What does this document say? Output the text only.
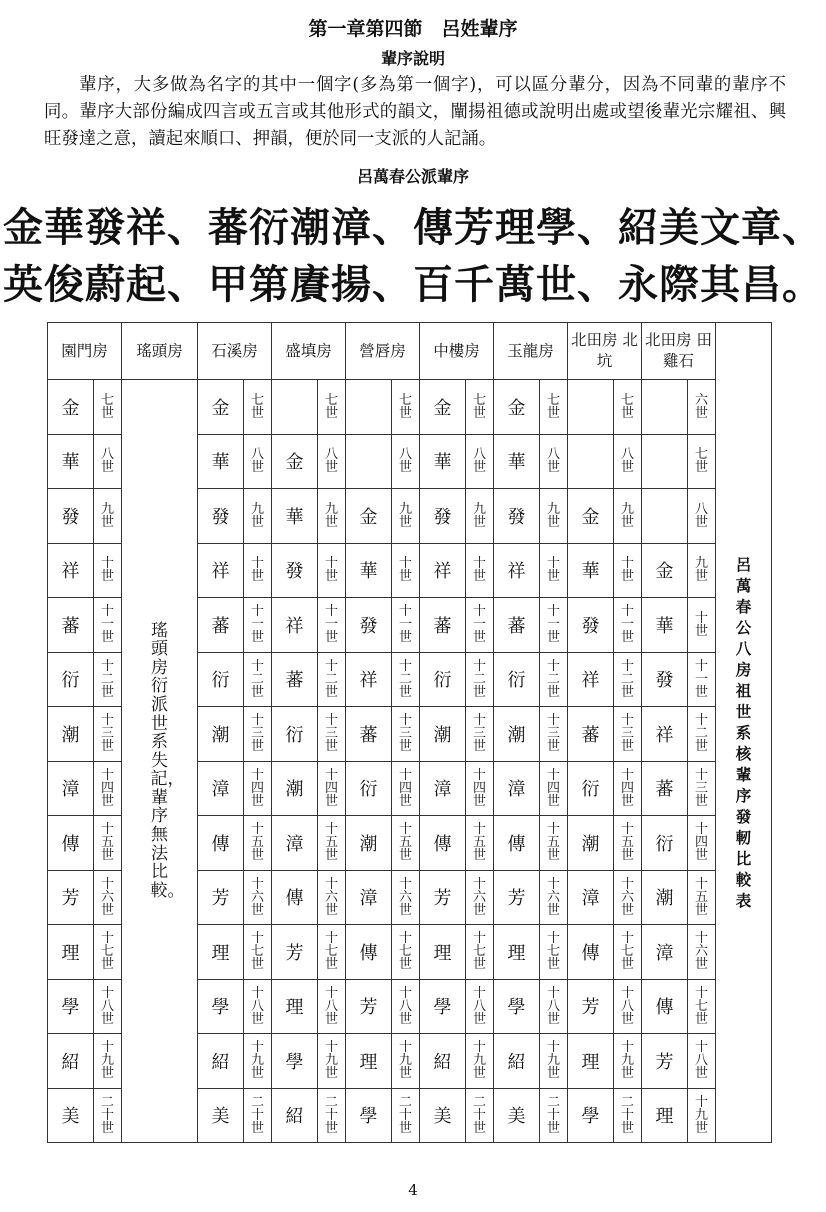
第一章第四節　呂姓輩序
輩序說明
輩序，大多做為名字的其中一個字(多為第一個字)，可以區分輩分，因為不同輩的輩序不同。輩序大部份編成四言或五言或其他形式的韻文，闡揚祖德或說明出處或望後輩光宗耀祖、興旺發達之意，讀起來順口、押韻，便於同一支派的人記誦。
呂萬春公派輩序
金華發祥、蕃衍潮漳、傳芳理學、紹美文章、
英俊蔚起、甲第賡揚、百千萬世、永際其昌。
園門房		瑤頭房	石溪房		盛填房		營唇房		中樓房		玉龍房		北田房 北坑		北田房 田雞石		呂萬春公八房祖世系核輩序發軔比較表
金	七世	瑤頭房衍派世系失記，輩序無法比較。	金	七世		七世		七世	金	七世	金	七世		七世		六世	
華	八世		華	八世	金	八世		八世	華	八世	華	八世		八世		七世	
發	九世		發	九世	華	九世	金	九世	發	九世	發	九世	金	九世		八世	
祥	十世		祥	十世	發	十世	華	十世	祥	十世	祥	十世	華	十世	金	九世	
蕃	十一世		蕃	十一世	祥	十一世	發	十一世	蕃	十一世	蕃	十一世	發	十一世	華	十世	
衍	十二世		衍	十二世	蕃	十二世	祥	十二世	衍	十二世	衍	十二世	祥	十二世	發	十一世	
潮	十三世		潮	十三世	衍	十三世	蕃	十三世	潮	十三世	潮	十三世	蕃	十三世	祥	十二世	
漳	十四世		漳	十四世	潮	十四世	衍	十四世	漳	十四世	漳	十四世	衍	十四世	蕃	十三世	
傳	十五世		傳	十五世	漳	十五世	潮	十五世	傳	十五世	傳	十五世	潮	十五世	衍	十四世	
芳	十六世		芳	十六世	傳	十六世	漳	十六世	芳	十六世	芳	十六世	漳	十六世	潮	十五世	
理	十七世		理	十七世	芳	十七世	傳	十七世	理	十七世	理	十七世	傳	十七世	漳	十六世	
學	十八世		學	十八世	理	十八世	芳	十八世	學	十八世	學	十八世	芳	十八世	傳	十七世	
紹	十九世		紹	十九世	學	十九世	理	十九世	紹	十九世	紹	十九世	理	十九世	芳	十八世	
美	二十世		美	二十世	紹	二十世	學	二十世	美	二十世	美	二十世	學	二十世	理	十九世	
4
